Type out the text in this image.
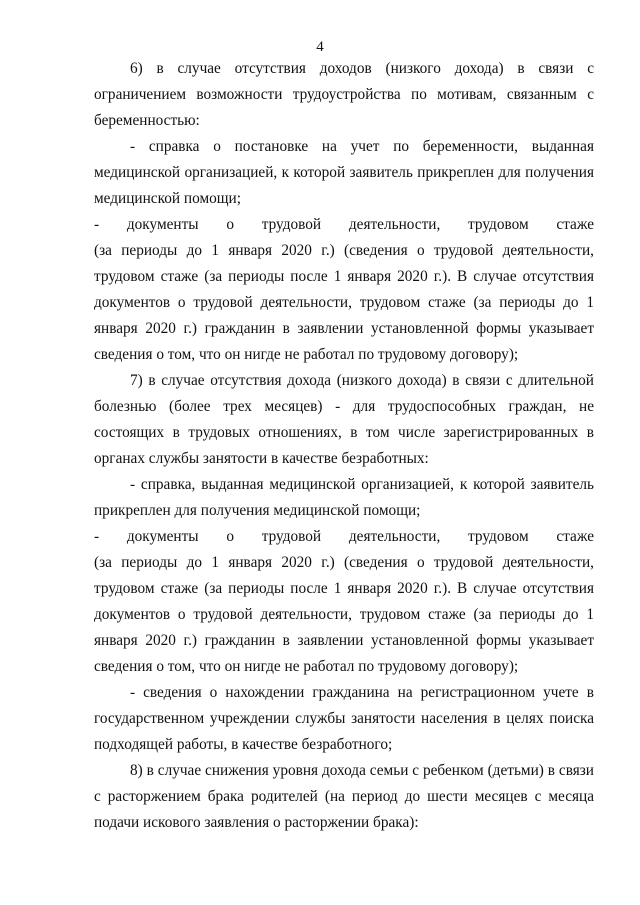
4

6) в случае отсутствия доходов (низкого дохода) в связи с ограничением возможности трудоустройства по мотивам, связанным с беременностью:

- справка о постановке на учет по беременности, выданная медицинской организацией, к которой заявитель прикреплен для получения медицинской помощи;

- документы о трудовой деятельности, трудовом стаже
(за периоды до 1 января 2020 г.) (сведения о трудовой деятельности, трудовом стаже (за периоды после 1 января 2020 г.). В случае отсутствия документов о трудовой деятельности, трудовом стаже (за периоды до 1 января 2020 г.) гражданин в заявлении установленной формы указывает сведения о том, что он нигде не работал по трудовому договору);

7) в случае отсутствия дохода (низкого дохода) в связи с длительной болезнью (более трех месяцев) - для трудоспособных граждан, не состоящих в трудовых отношениях, в том числе зарегистрированных в органах службы занятости в качестве безработных:

- справка, выданная медицинской организацией, к которой заявитель прикреплен для получения медицинской помощи;

- документы о трудовой деятельности, трудовом стаже
(за периоды до 1 января 2020 г.) (сведения о трудовой деятельности, трудовом стаже (за периоды после 1 января 2020 г.). В случае отсутствия документов о трудовой деятельности, трудовом стаже (за периоды до 1 января 2020 г.) гражданин в заявлении установленной формы указывает сведения о том, что он нигде не работал по трудовому договору);

- сведения о нахождении гражданина на регистрационном учете в государственном учреждении службы занятости населения в целях поиска подходящей работы, в качестве безработного;

8) в случае снижения уровня дохода семьи с ребенком (детьми) в связи с расторжением брака родителей (на период до шести месяцев с месяца подачи искового заявления о расторжении брака):
